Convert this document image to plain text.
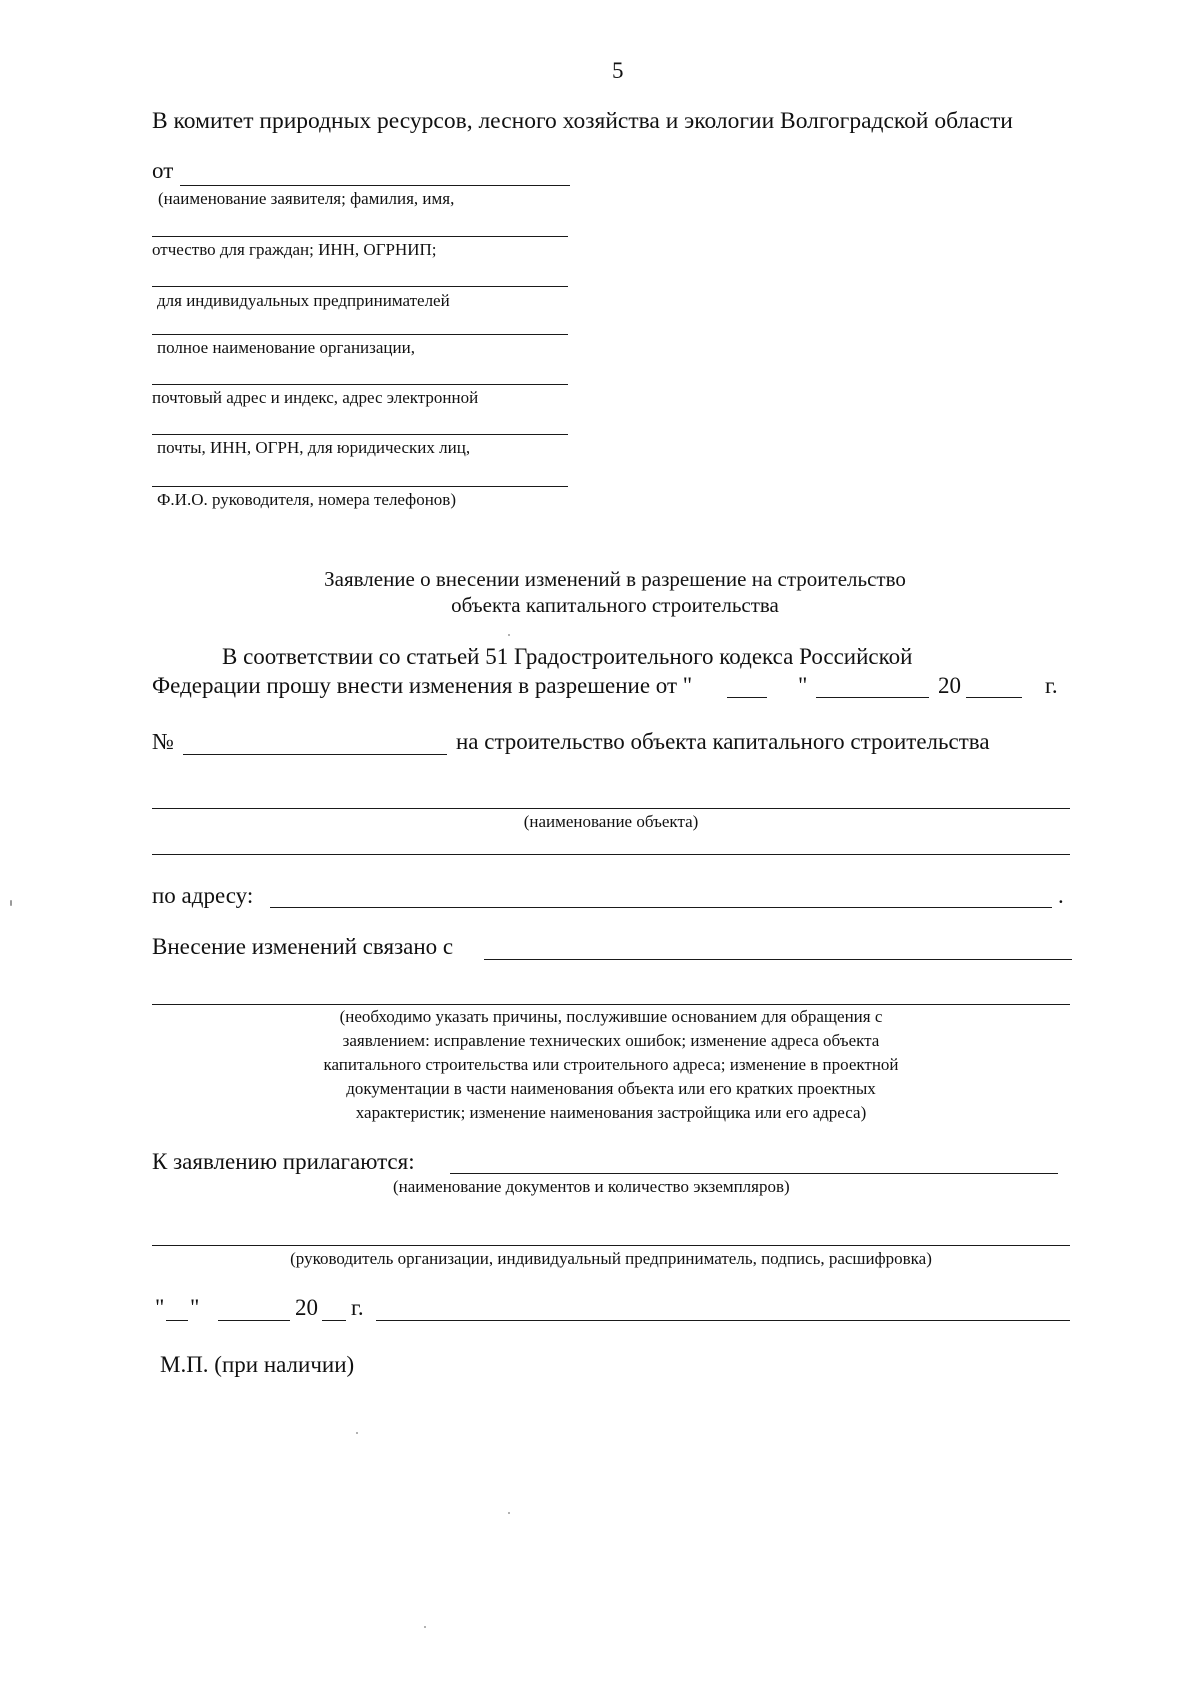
5
В комитет природных ресурсов, лесного хозяйства и экологии Волгоградской области
от
(наименование заявителя; фамилия, имя,
отчество для граждан; ИНН, ОГРНИП;
для индивидуальных предпринимателей
полное наименование организации,
почтовый адрес и индекс, адрес электронной
почты, ИНН, ОГРН, для юридических лиц,
Ф.И.О. руководителя, номера телефонов)
Заявление о внесении изменений в разрешение на строительство
объекта капитального строительства
В соответствии со статьей 51 Градостроительного кодекса Российской
Федерации прошу внести изменения в разрешение от "	"	20	г.
№	на строительство объекта капитального строительства
(наименование объекта)
по адресу:	.
Внесение изменений связано с
(необходимо указать причины, послужившие основанием для обращения с
заявлением: исправление технических ошибок; изменение адреса объекта
капитального строительства или строительного адреса; изменение в проектной
документации в части наименования объекта или его кратких проектных
характеристик; изменение наименования застройщика или его адреса)
К заявлению прилагаются:
(наименование документов и количество экземпляров)
(руководитель организации, индивидуальный предприниматель, подпись, расшифровка)
" "	20 г.
М.П. (при наличии)
